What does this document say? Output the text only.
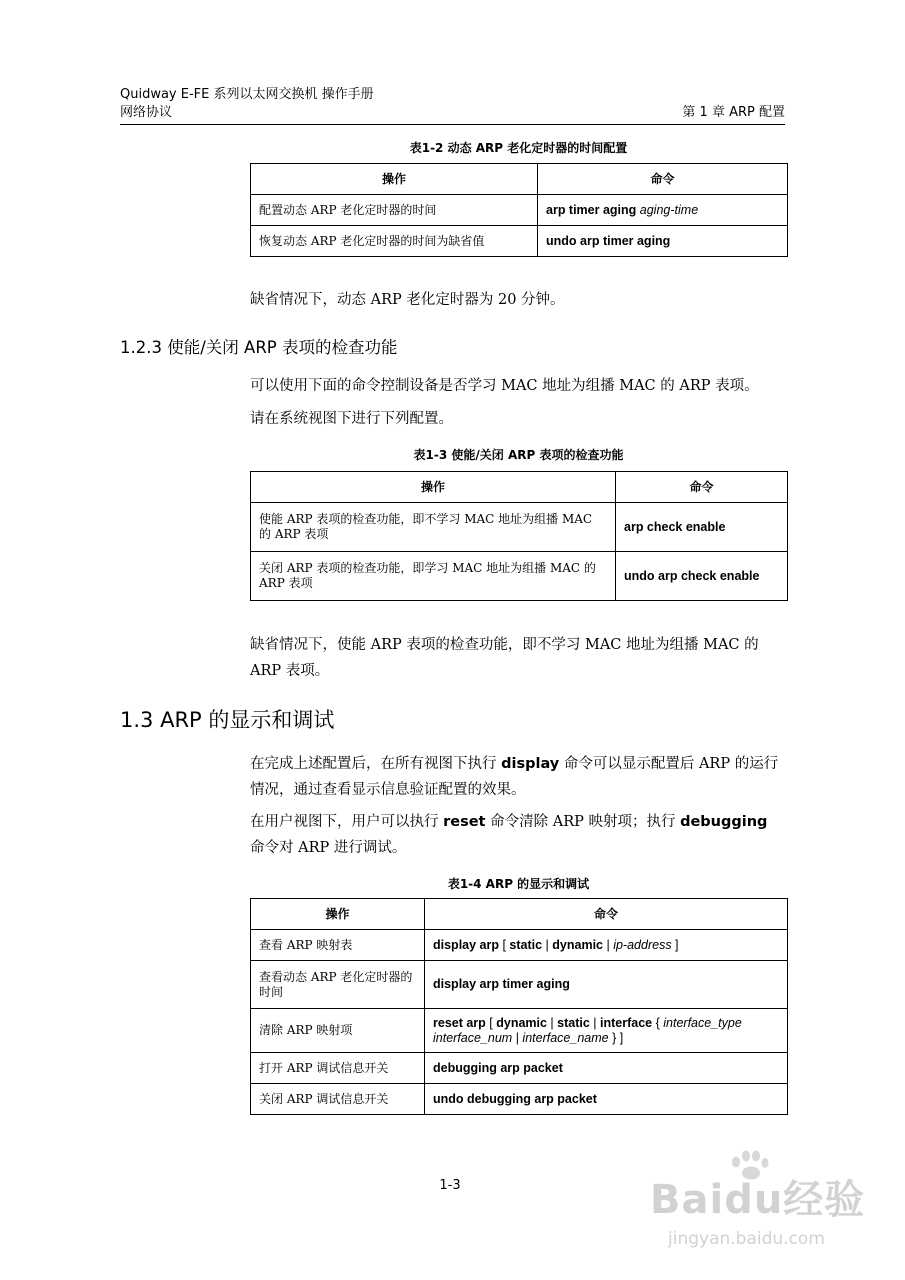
Quidway E-FE 系列以太网交换机 操作手册
网络协议	第 1 章 ARP 配置
表1-2 动态 ARP 老化定时器的时间配置
操作	命令
配置动态 ARP 老化定时器的时间	arp timer aging aging-time
恢复动态 ARP 老化定时器的时间为缺省值	undo arp timer aging
缺省情况下，动态 ARP 老化定时器为 20 分钟。
1.2.3 使能/关闭 ARP 表项的检查功能
可以使用下面的命令控制设备是否学习 MAC 地址为组播 MAC 的 ARP 表项。
请在系统视图下进行下列配置。
表1-3 使能/关闭 ARP 表项的检查功能
操作	命令
使能 ARP 表项的检查功能，即不学习 MAC 地址为组播 MAC 的 ARP 表项	arp check enable
关闭 ARP 表项的检查功能，即学习 MAC 地址为组播 MAC 的 ARP 表项	undo arp check enable
缺省情况下，使能 ARP 表项的检查功能，即不学习 MAC 地址为组播 MAC 的 ARP 表项。
1.3 ARP 的显示和调试
在完成上述配置后，在所有视图下执行 display 命令可以显示配置后 ARP 的运行情况，通过查看显示信息验证配置的效果。
在用户视图下，用户可以执行 reset 命令清除 ARP 映射项；执行 debugging 命令对 ARP 进行调试。
表1-4 ARP 的显示和调试
操作	命令
查看 ARP 映射表	display arp [ static | dynamic | ip-address ]
查看动态 ARP 老化定时器的时间	display arp timer aging
清除 ARP 映射项	reset arp [ dynamic | static | interface { interface_type interface_num | interface_name } ]
打开 ARP 调试信息开关	debugging arp packet
关闭 ARP 调试信息开关	undo debugging arp packet
1-3	Baidu经验
jingyan.baidu.com
